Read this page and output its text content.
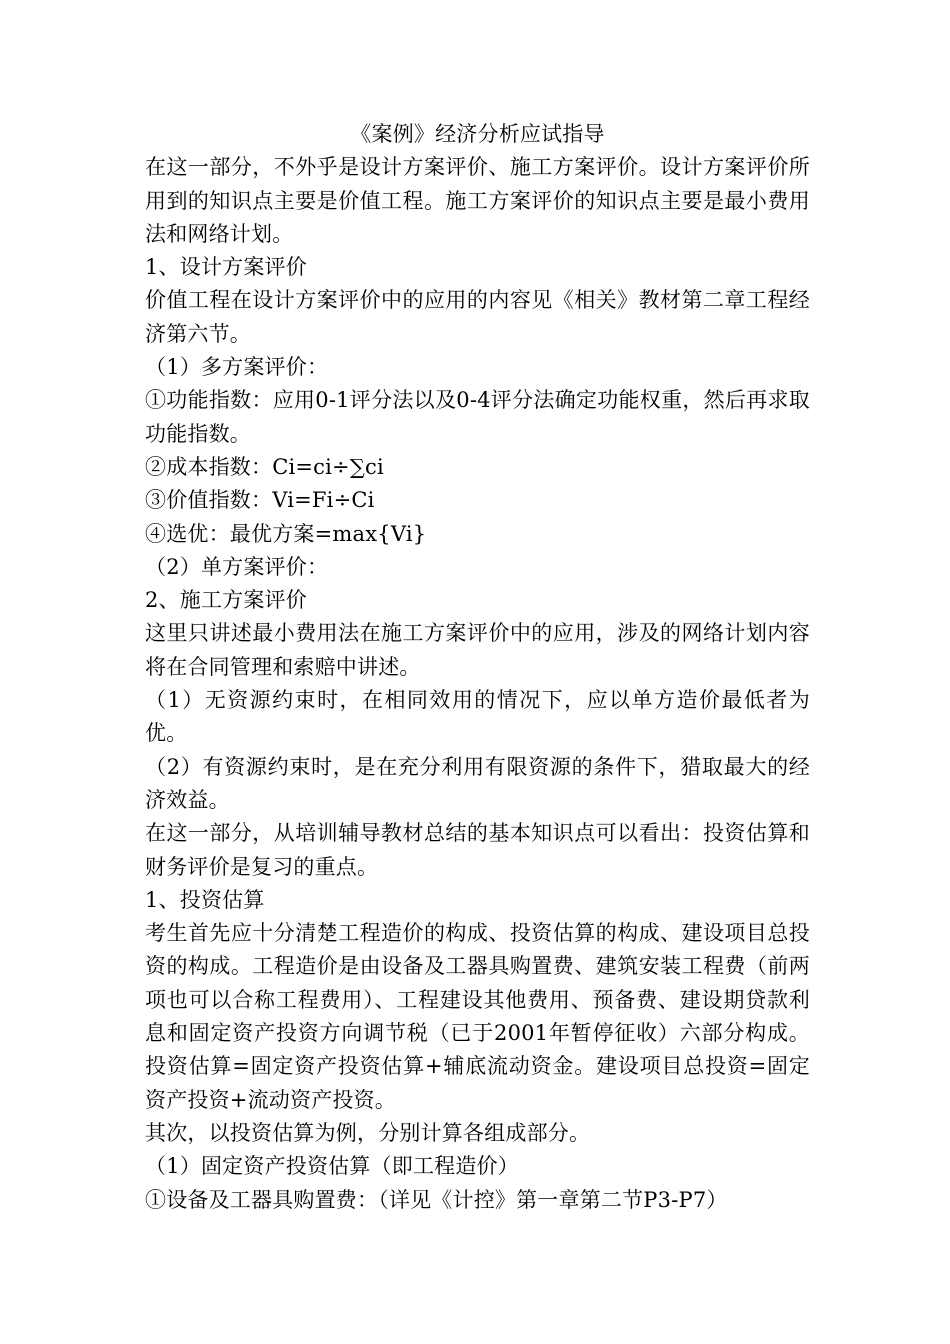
《案例》经济分析应试指导

在这一部分，不外乎是设计方案评价、施工方案评价。设计方案评价所用到的知识点主要是价值工程。施工方案评价的知识点主要是最小费用法和网络计划。

1、设计方案评价

价值工程在设计方案评价中的应用的内容见《相关》教材第二章工程经济第六节。

（1）多方案评价：

①功能指数：应用0-1评分法以及0-4评分法确定功能权重，然后再求取功能指数。

②成本指数：Ci=ci÷∑ci

③价值指数：Vi=Fi÷Ci

④选优：最优方案=max{Vi}

（2）单方案评价：

2、施工方案评价

这里只讲述最小费用法在施工方案评价中的应用，涉及的网络计划内容将在合同管理和索赔中讲述。

（1）无资源约束时，在相同效用的情况下，应以单方造价最低者为优。

（2）有资源约束时，是在充分利用有限资源的条件下，猎取最大的经济效益。

在这一部分，从培训辅导教材总结的基本知识点可以看出：投资估算和财务评价是复习的重点。

1、投资估算

考生首先应十分清楚工程造价的构成、投资估算的构成、建设项目总投资的构成。工程造价是由设备及工器具购置费、建筑安装工程费（前两项也可以合称工程费用）、工程建设其他费用、预备费、建设期贷款利息和固定资产投资方向调节税（已于2001年暂停征收）六部分构成。投资估算=固定资产投资估算+辅底流动资金。建设项目总投资=固定资产投资+流动资产投资。

其次，以投资估算为例，分别计算各组成部分。

（1）固定资产投资估算（即工程造价）

①设备及工器具购置费：（详见《计控》第一章第二节P3-P7）
